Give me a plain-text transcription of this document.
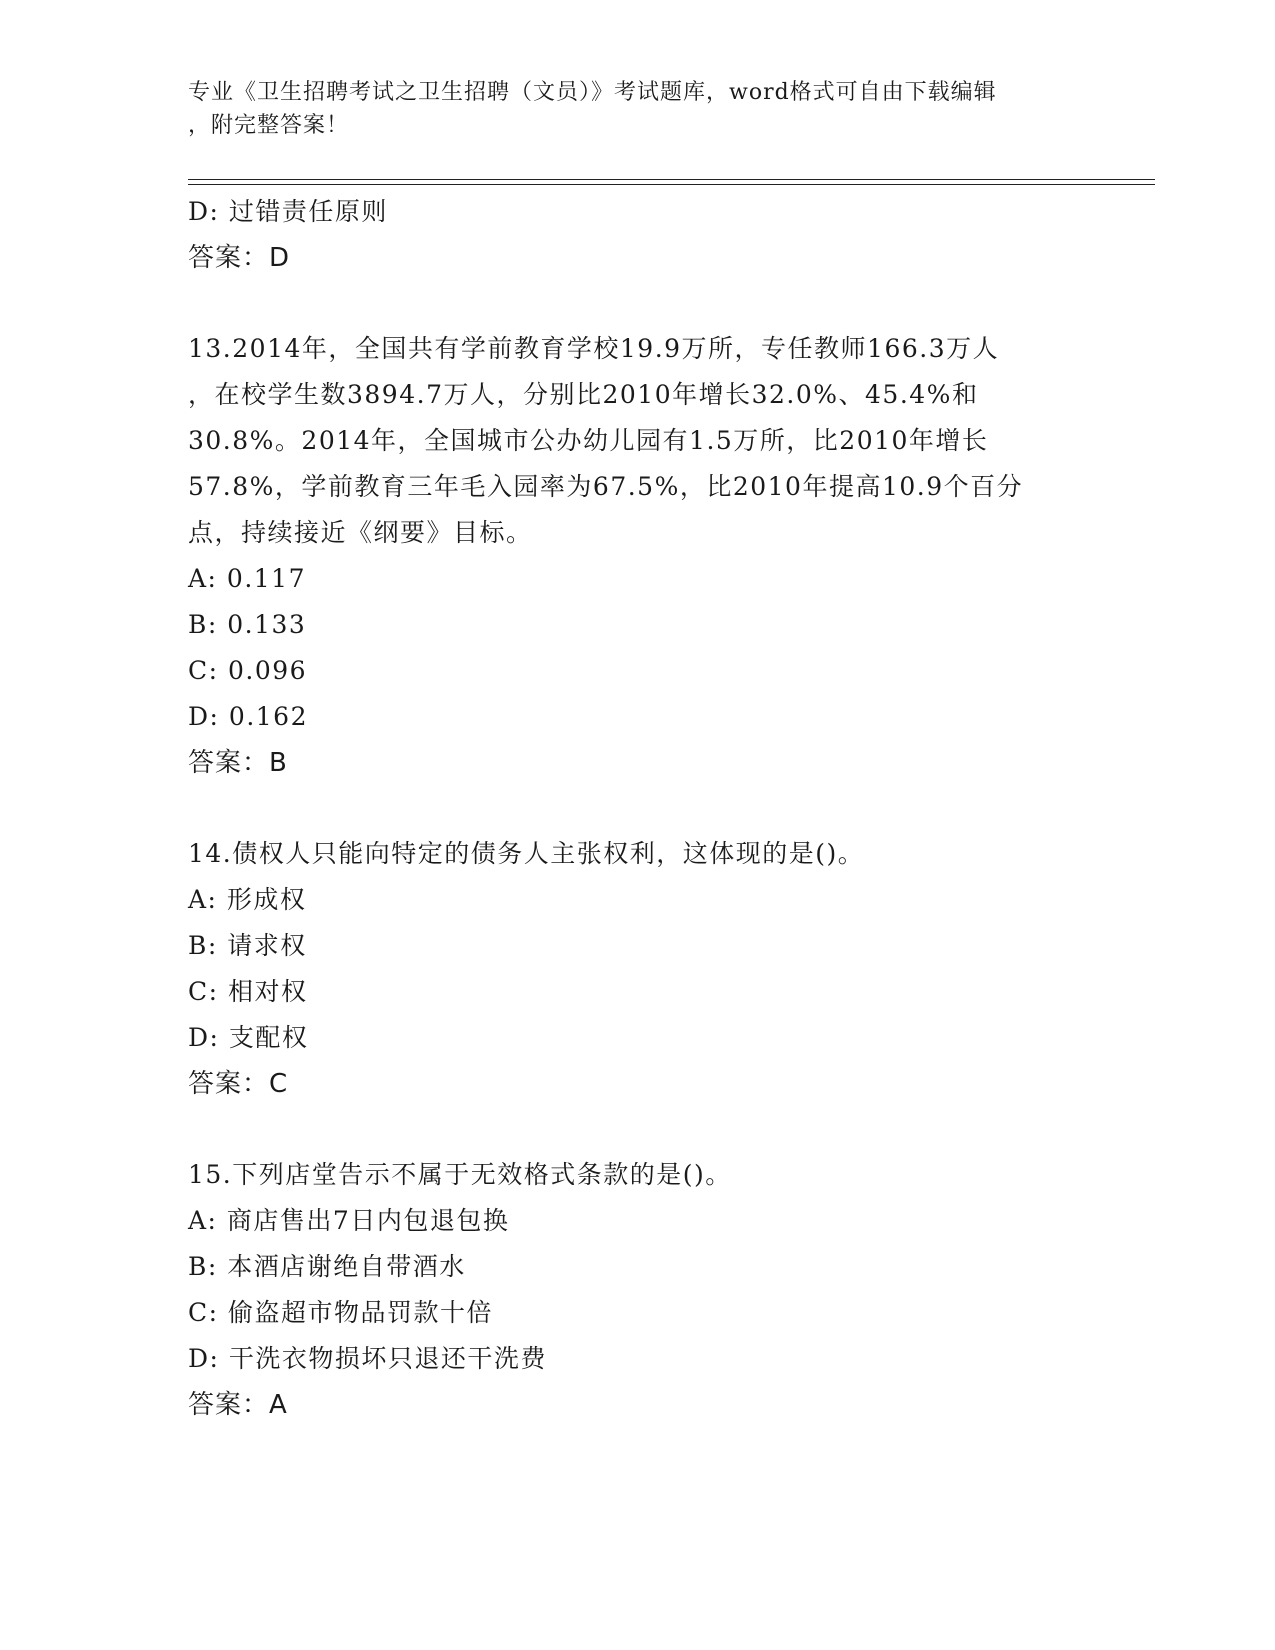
专业《卫生招聘考试之卫生招聘（文员）》考试题库，word格式可自由下载编辑
，附完整答案！
D: 过错责任原则
答案：D
13.2014年，全国共有学前教育学校19.9万所，专任教师166.3万人
，在校学生数3894.7万人，分别比2010年增长32.0%、45.4%和
30.8%。2014年，全国城市公办幼儿园有1.5万所，比2010年增长
57.8%，学前教育三年毛入园率为67.5%，比2010年提高10.9个百分
点，持续接近《纲要》目标。
A: 0.117
B: 0.133
C: 0.096
D: 0.162
答案：B
14.债权人只能向特定的债务人主张权利，这体现的是()。
A: 形成权
B: 请求权
C: 相对权
D: 支配权
答案：C
15.下列店堂告示不属于无效格式条款的是()。
A: 商店售出7日内包退包换
B: 本酒店谢绝自带酒水
C: 偷盗超市物品罚款十倍
D: 干洗衣物损坏只退还干洗费
答案：A
